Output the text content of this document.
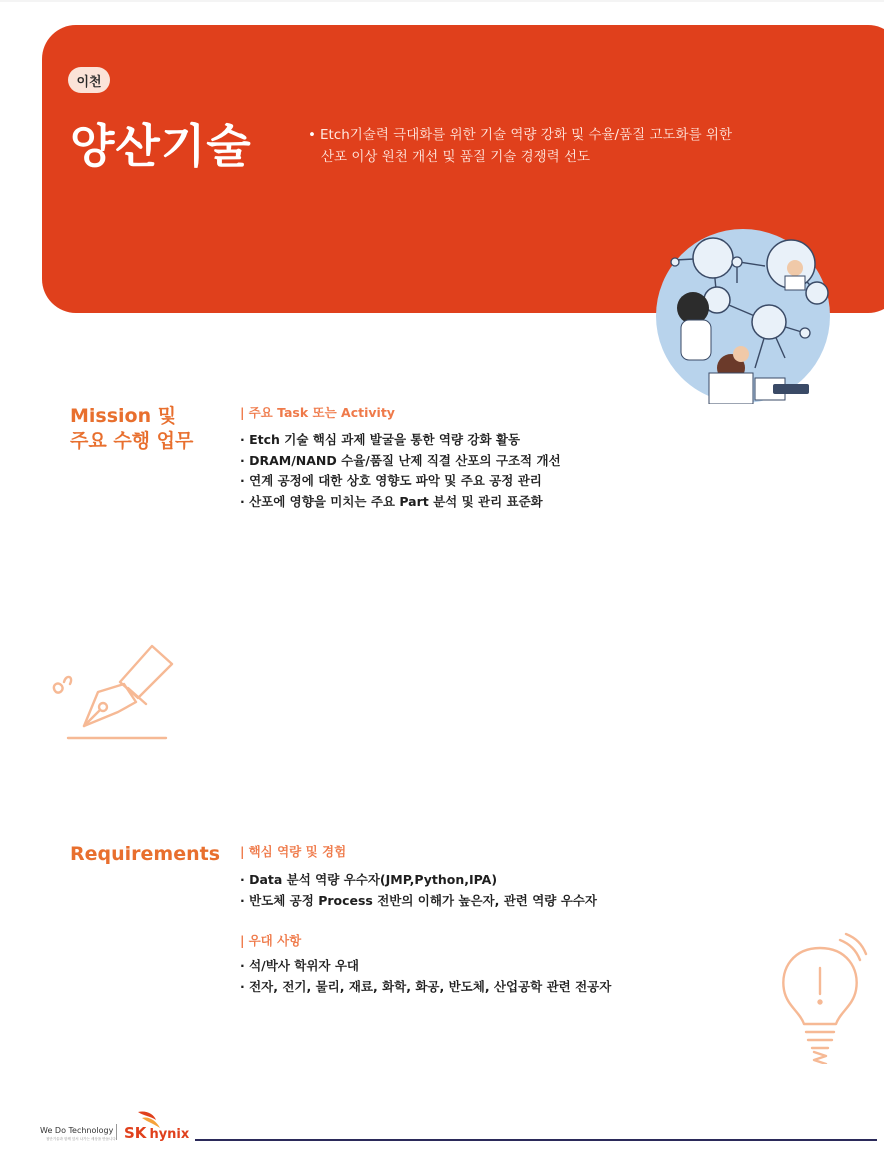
이천
양산기술	• Etch기술력 극대화를 위한 기술 역량 강화 및 수율/품질 고도화를 위한
산포 이상 원천 개선 및 품질 기술 경쟁력 선도
Mission 및
주요 수행 업무
| 주요 Task 또는 Activity
· Etch 기술 핵심 과제 발굴을 통한 역량 강화 활동
· DRAM/NAND 수율/품질 난제 직결 산포의 구조적 개선
· 연계 공정에 대한 상호 영향도 파악 및 주요 공정 관리
· 산포에 영향을 미치는 주요 Part 분석 및 관리 표준화
Requirements | 핵심 역량 및 경험
· Data 분석 역량 우수자(JMP,Python,IPA)
· 반도체 공정 Process 전반의 이해가 높은자, 관련 역량 우수자
| 우대 사항
· 석/박사 학위자 우대
· 전자, 전기, 물리, 재료, 화학, 화공, 반도체, 산업공학 관련 전공자
We Do Technology
첨단기술과 함께 앞서 나가는 세상을 만듭니다 SK hynix
